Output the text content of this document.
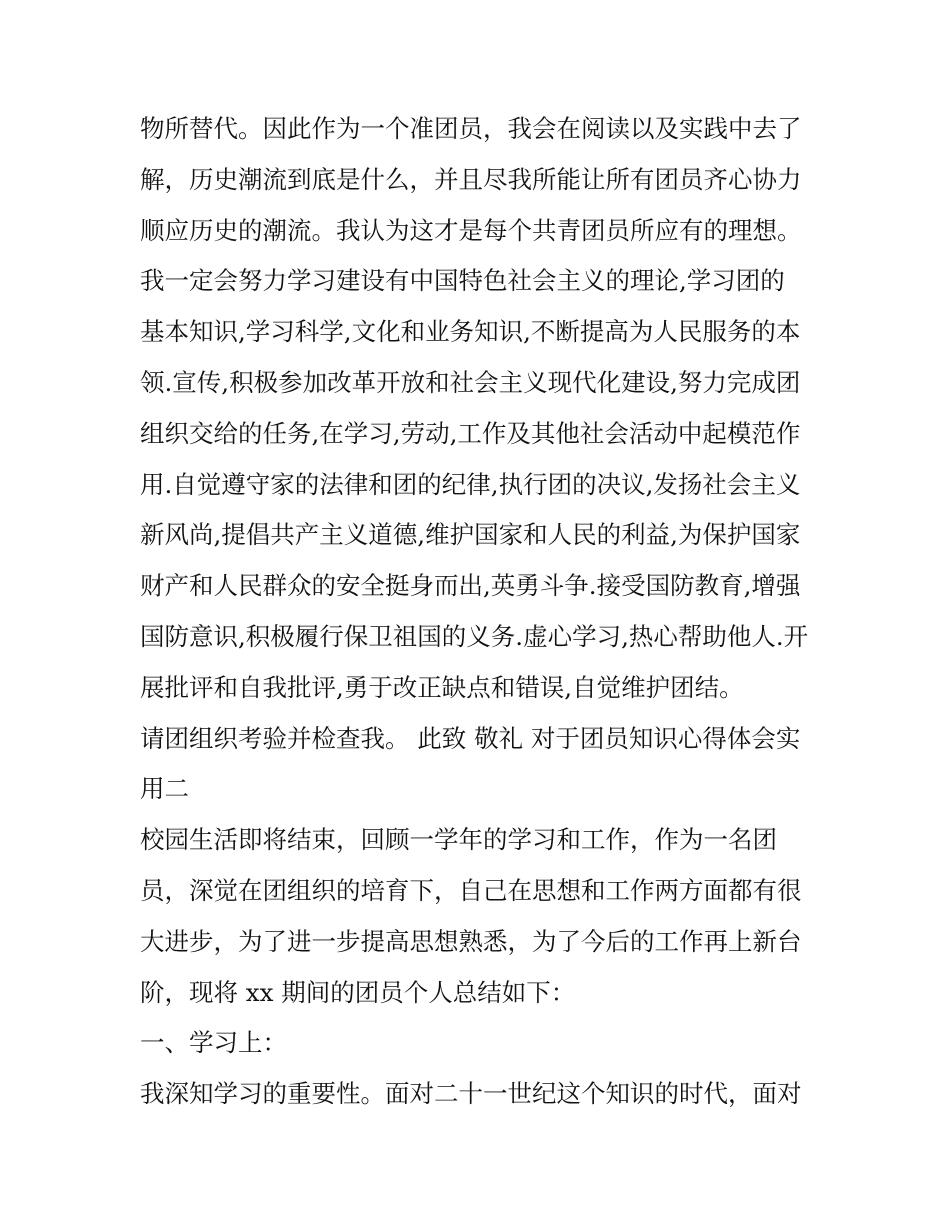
物所替代。因此作为一个准团员，我会在阅读以及实践中去了
解，历史潮流到底是什么，并且尽我所能让所有团员齐心协力
顺应历史的潮流。我认为这才是每个共青团员所应有的理想。
我一定会努力学习建设有中国特色社会主义的理论,学习团的
基本知识,学习科学,文化和业务知识,不断提高为人民服务的本
领.宣传,积极参加改革开放和社会主义现代化建设,努力完成团
组织交给的任务,在学习,劳动,工作及其他社会活动中起模范作
用.自觉遵守家的法律和团的纪律,执行团的决议,发扬社会主义
新风尚,提倡共产主义道德,维护国家和人民的利益,为保护国家
财产和人民群众的安全挺身而出,英勇斗争.接受国防教育,增强
国防意识,积极履行保卫祖国的义务.虚心学习,热心帮助他人.开
展批评和自我批评,勇于改正缺点和错误,自觉维护团结。
请团组织考验并检查我。 此致 敬礼 对于团员知识心得体会实
用二
校园生活即将结束，回顾一学年的学习和工作，作为一名团
员，深觉在团组织的培育下，自己在思想和工作两方面都有很
大进步，为了进一步提高思想熟悉，为了今后的工作再上新台
阶，现将 xx 期间的团员个人总结如下：
一、学习上：
我深知学习的重要性。面对二十一世纪这个知识的时代，面对
